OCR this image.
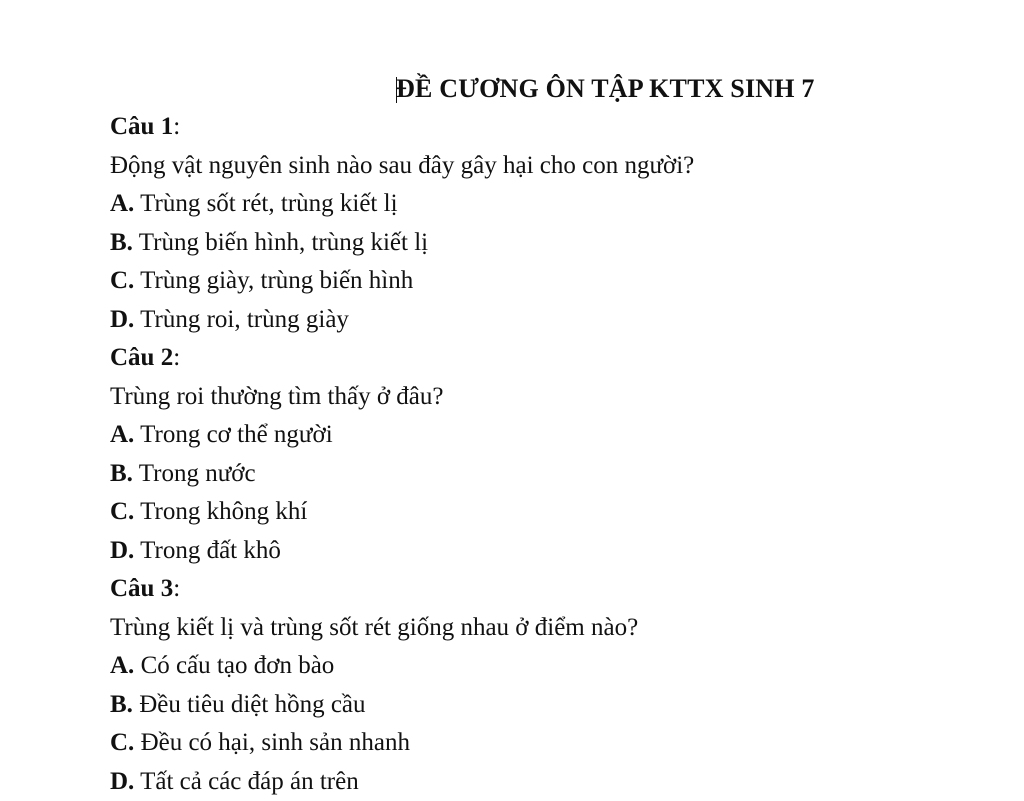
ĐỀ CƯƠNG ÔN TẬP KTTX SINH 7
Câu 1:
Động vật nguyên sinh nào sau đây gây hại cho con người?
A. Trùng sốt rét, trùng kiết lị
B. Trùng biến hình, trùng kiết lị
C. Trùng giày, trùng biến hình
D. Trùng roi, trùng giày
Câu 2:
Trùng roi thường tìm thấy ở đâu?
A. Trong cơ thể người
B. Trong nước
C. Trong không khí
D. Trong đất khô
Câu 3:
Trùng kiết lị và trùng sốt rét giống nhau ở điểm nào?
A. Có cấu tạo đơn bào
B. Đều tiêu diệt hồng cầu
C. Đều có hại, sinh sản nhanh
D. Tất cả các đáp án trên
